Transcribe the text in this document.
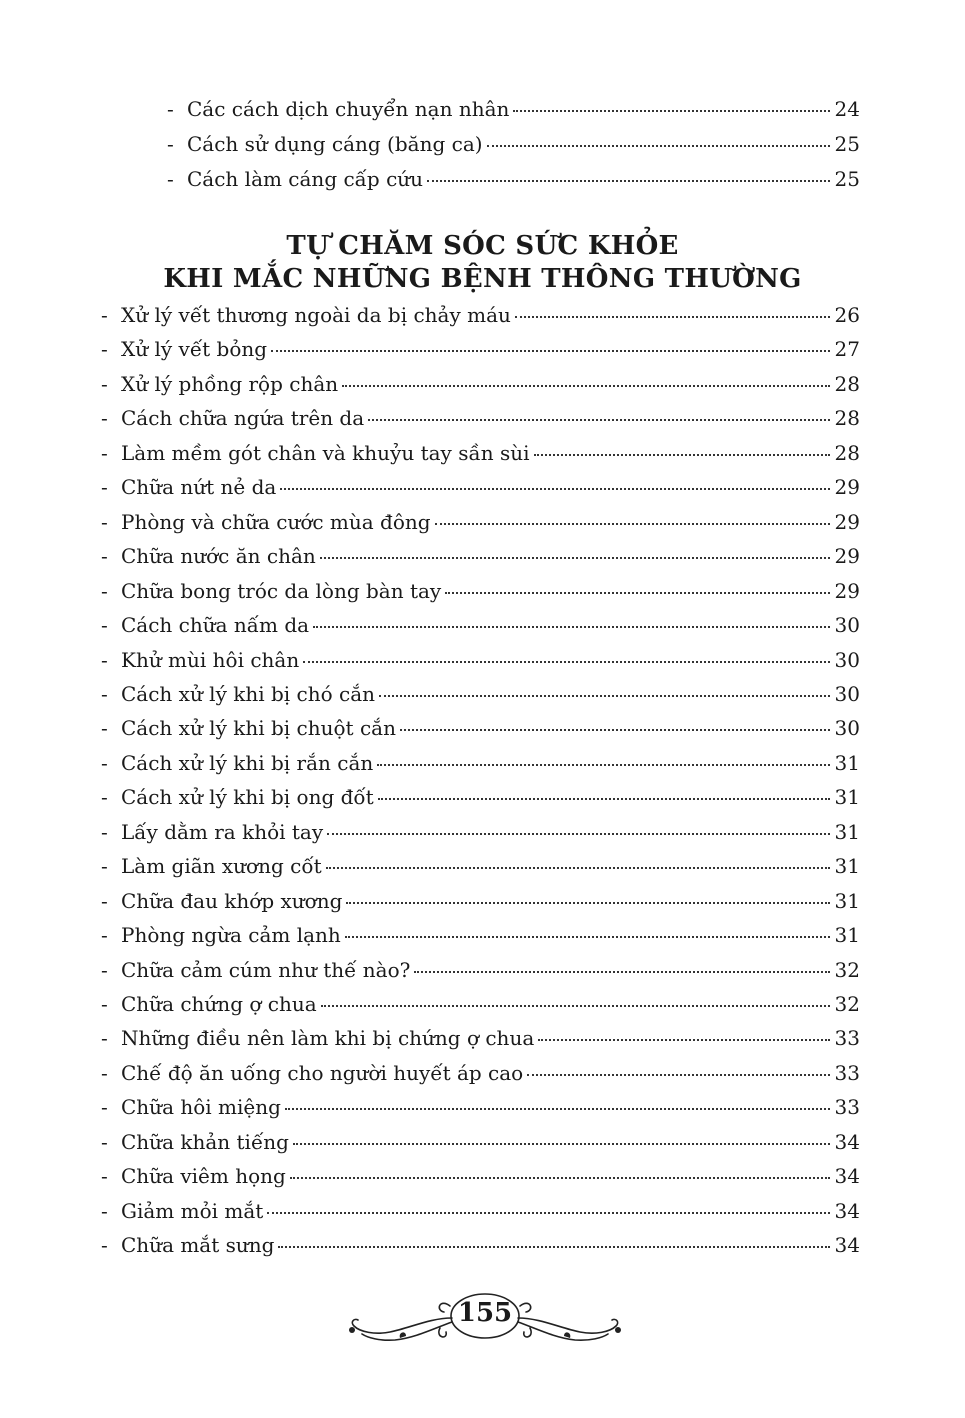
- Các cách dịch chuyển nạn nhân	24
- Cách sử dụng cáng (băng ca)	25
- Cách làm cáng cấp cứu	25
TỰ CHĂM SÓC SỨC KHỎE
KHI MẮC NHỮNG BỆNH THÔNG THƯỜNG
- Xử lý vết thương ngoài da bị chảy máu	26
- Xử lý vết bỏng	27
- Xử lý phồng rộp chân	28
- Cách chữa ngứa trên da	28
- Làm mềm gót chân và khuỷu tay sần sùi	28
- Chữa nứt nẻ da	29
- Phòng và chữa cước mùa đông	29
- Chữa nước ăn chân	29
- Chữa bong tróc da lòng bàn tay	29
- Cách chữa nấm da	30
- Khử mùi hôi chân	30
- Cách xử lý khi bị chó cắn	30
- Cách xử lý khi bị chuột cắn	30
- Cách xử lý khi bị rắn cắn	31
- Cách xử lý khi bị ong đốt	31
- Lấy dằm ra khỏi tay	31
- Làm giãn xương cốt	31
- Chữa đau khớp xương	31
- Phòng ngừa cảm lạnh	31
- Chữa cảm cúm như thế nào?	32
- Chữa chứng ợ chua	32
- Những điều nên làm khi bị chứng ợ chua	33
- Chế độ ăn uống cho người huyết áp cao	33
- Chữa hôi miệng	33
- Chữa khản tiếng	34
- Chữa viêm họng	34
- Giảm mỏi mắt	34
- Chữa mắt sưng	34
155
